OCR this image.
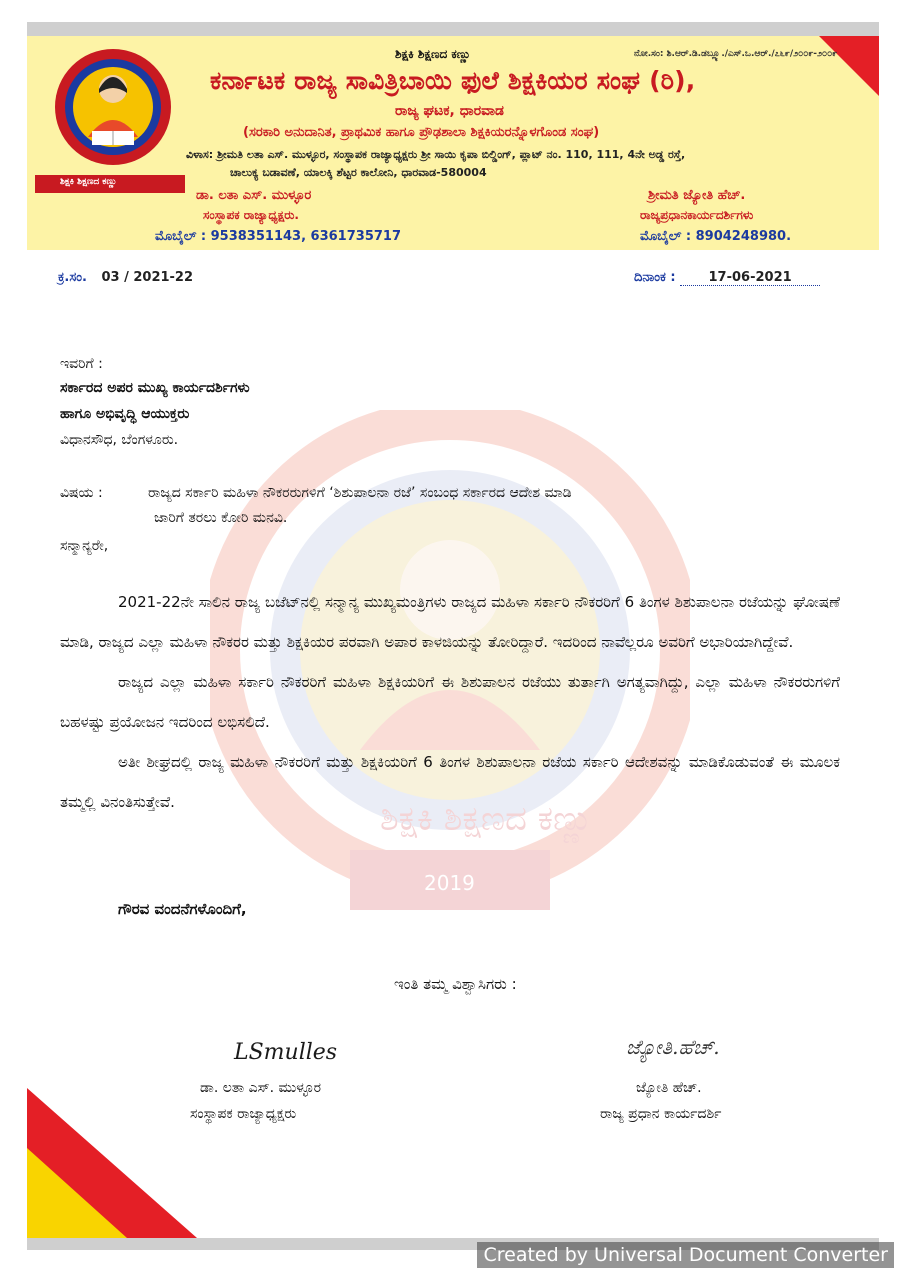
ಶಿಕ್ಷಕಿ ಶಿಕ್ಷಣದ ಕಣ್ಣು
ಶಿಕ್ಷಕಿ ಶಿಕ್ಷಣದ ಕಣ್ಣು	ನೋ.ಸಂ: ಶಿ.ಆರ್.ಡಿ.ಡಬ್ಲ್ಯೂ./ಎಸ್.ಒ.ಆರ್./೭೬೯/೨೦೦೯-೨೦೦೯
ಕರ್ನಾಟಕ ರಾಜ್ಯ ಸಾವಿತ್ರಿಬಾಯಿ ಫುಲೆ ಶಿಕ್ಷಕಿಯರ ಸಂಘ (ರಿ),
ರಾಜ್ಯ ಘಟಕ, ಧಾರವಾಡ
(ಸರಕಾರಿ ಅನುದಾನಿತ, ಪ್ರಾಥಮಿಕ ಹಾಗೂ ಪ್ರೌಢಶಾಲಾ ಶಿಕ್ಷಕಿಯರನ್ನೊಳಗೊಂಡ ಸಂಘ)
ವಿಳಾಸ: ಶ್ರೀಮತಿ ಲತಾ ಎಸ್. ಮುಳ್ಳೂರ, ಸಂಸ್ಥಾಪಕ ರಾಜ್ಯಾಧ್ಯಕ್ಷರು ಶ್ರೀ ಸಾಯಿ ಕೃಪಾ ಬಿಲ್ಡಿಂಗ್, ಪ್ಲಾಟ್ ನಂ. 110, 111, 4ನೇ ಅಡ್ಡ ರಸ್ತೆ,
ಚಾಲುಕ್ಯ ಬಡಾವಣೆ, ಯಾಲಕ್ಕಿ ಶೆಟ್ಟರ ಕಾಲೋನಿ, ಧಾರವಾಡ-580004
ಡಾ. ಲತಾ ಎಸ್. ಮುಳ್ಳೂರ
ಸಂಸ್ಥಾಪಕ ರಾಜ್ಯಾಧ್ಯಕ್ಷರು.
ಮೊಬೈಲ್ : 9538351143, 6361735717
ಶ್ರೀಮತಿ ಜ್ಯೋತಿ ಹೆಚ್.
ರಾಜ್ಯಪ್ರಧಾನಕಾರ್ಯದರ್ಶಿಗಳು
ಮೊಬೈಲ್ : 8904248980.
ಕ್ರ.ಸಂ. 03 / 2021-22	ದಿನಾಂಕ :	17-06-2021
ಶಿಕ್ಷಕಿ ಶಿಕ್ಷಣದ ಕಣ್ಣು
2019
ಇವರಿಗೆ :
ಸರ್ಕಾರದ ಅಪರ ಮುಖ್ಯ ಕಾರ್ಯದರ್ಶಿಗಳು
ಹಾಗೂ ಅಭಿವೃದ್ಧಿ ಆಯುಕ್ತರು
ವಿಧಾನಸೌಧ, ಬೆಂಗಳೂರು.
ವಿಷಯ :	ರಾಜ್ಯದ ಸರ್ಕಾರಿ ಮಹಿಳಾ ನೌಕರರುಗಳಿಗೆ ‘ಶಿಶುಪಾಲನಾ ರಜೆ’ ಸಂಬಂಧ ಸರ್ಕಾರದ ಆದೇಶ ಮಾಡಿ
ಜಾರಿಗೆ ತರಲು ಕೋರಿ ಮನವಿ.
ಸನ್ಮಾನ್ಯರೇ,

2021-22ನೇ ಸಾಲಿನ ರಾಜ್ಯ ಬಜೆಟ್‌ನಲ್ಲಿ ಸನ್ಮಾನ್ಯ ಮುಖ್ಯಮಂತ್ರಿಗಳು ರಾಜ್ಯದ ಮಹಿಳಾ ಸರ್ಕಾರಿ ನೌಕರರಿಗೆ 6 ತಿಂಗಳ ಶಿಶುಪಾಲನಾ ರಜೆಯನ್ನು ಘೋಷಣೆ ಮಾಡಿ, ರಾಜ್ಯದ ಎಲ್ಲಾ ಮಹಿಳಾ ನೌಕರರ ಮತ್ತು ಶಿಕ್ಷಕಿಯರ ಪರವಾಗಿ ಅಪಾರ ಕಾಳಜಿಯನ್ನು ತೋರಿದ್ದಾರೆ. ಇದರಿಂದ ನಾವೆಲ್ಲರೂ ಅವರಿಗೆ ಅಭಾರಿಯಾಗಿದ್ದೇವೆ.

ರಾಜ್ಯದ ಎಲ್ಲಾ ಮಹಿಳಾ ಸರ್ಕಾರಿ ನೌಕರರಿಗೆ ಮಹಿಳಾ ಶಿಕ್ಷಕಿಯರಿಗೆ ಈ ಶಿಶುಪಾಲನ ರಜೆಯು ತುರ್ತಾಗಿ ಅಗತ್ಯವಾಗಿದ್ದು, ಎಲ್ಲಾ ಮಹಿಳಾ ನೌಕರರುಗಳಿಗೆ ಬಹಳಷ್ಟು ಪ್ರಯೋಜನ ಇದರಿಂದ ಲಭಿಸಲಿದೆ.

ಅತೀ ಶೀಘ್ರದಲ್ಲಿ ರಾಜ್ಯ ಮಹಿಳಾ ನೌಕರರಿಗೆ ಮತ್ತು ಶಿಕ್ಷಕಿಯರಿಗೆ 6 ತಿಂಗಳ ಶಿಶುಪಾಲನಾ ರಜೆಯ ಸರ್ಕಾರಿ ಆದೇಶವನ್ನು ಮಾಡಿಕೊಡುವಂತೆ ಈ ಮೂಲಕ ತಮ್ಮಲ್ಲಿ ವಿನಂತಿಸುತ್ತೇವೆ.

ಗೌರವ ವಂದನೆಗಳೊಂದಿಗೆ,
ಇಂತಿ ತಮ್ಮ ವಿಶ್ವಾಸಿಗರು :
LSmulles	ಜ್ಯೋತಿ.ಹೆಚ್.
ಡಾ. ಲತಾ ಎಸ್. ಮುಳ್ಳೂರ
ಸಂಸ್ಥಾಪಕ ರಾಜ್ಯಾಧ್ಯಕ್ಷರು
ಜ್ಯೋತಿ ಹೆಚ್.
ರಾಜ್ಯ ಪ್ರಧಾನ ಕಾರ್ಯದರ್ಶಿ
Created by Universal Document Converter
